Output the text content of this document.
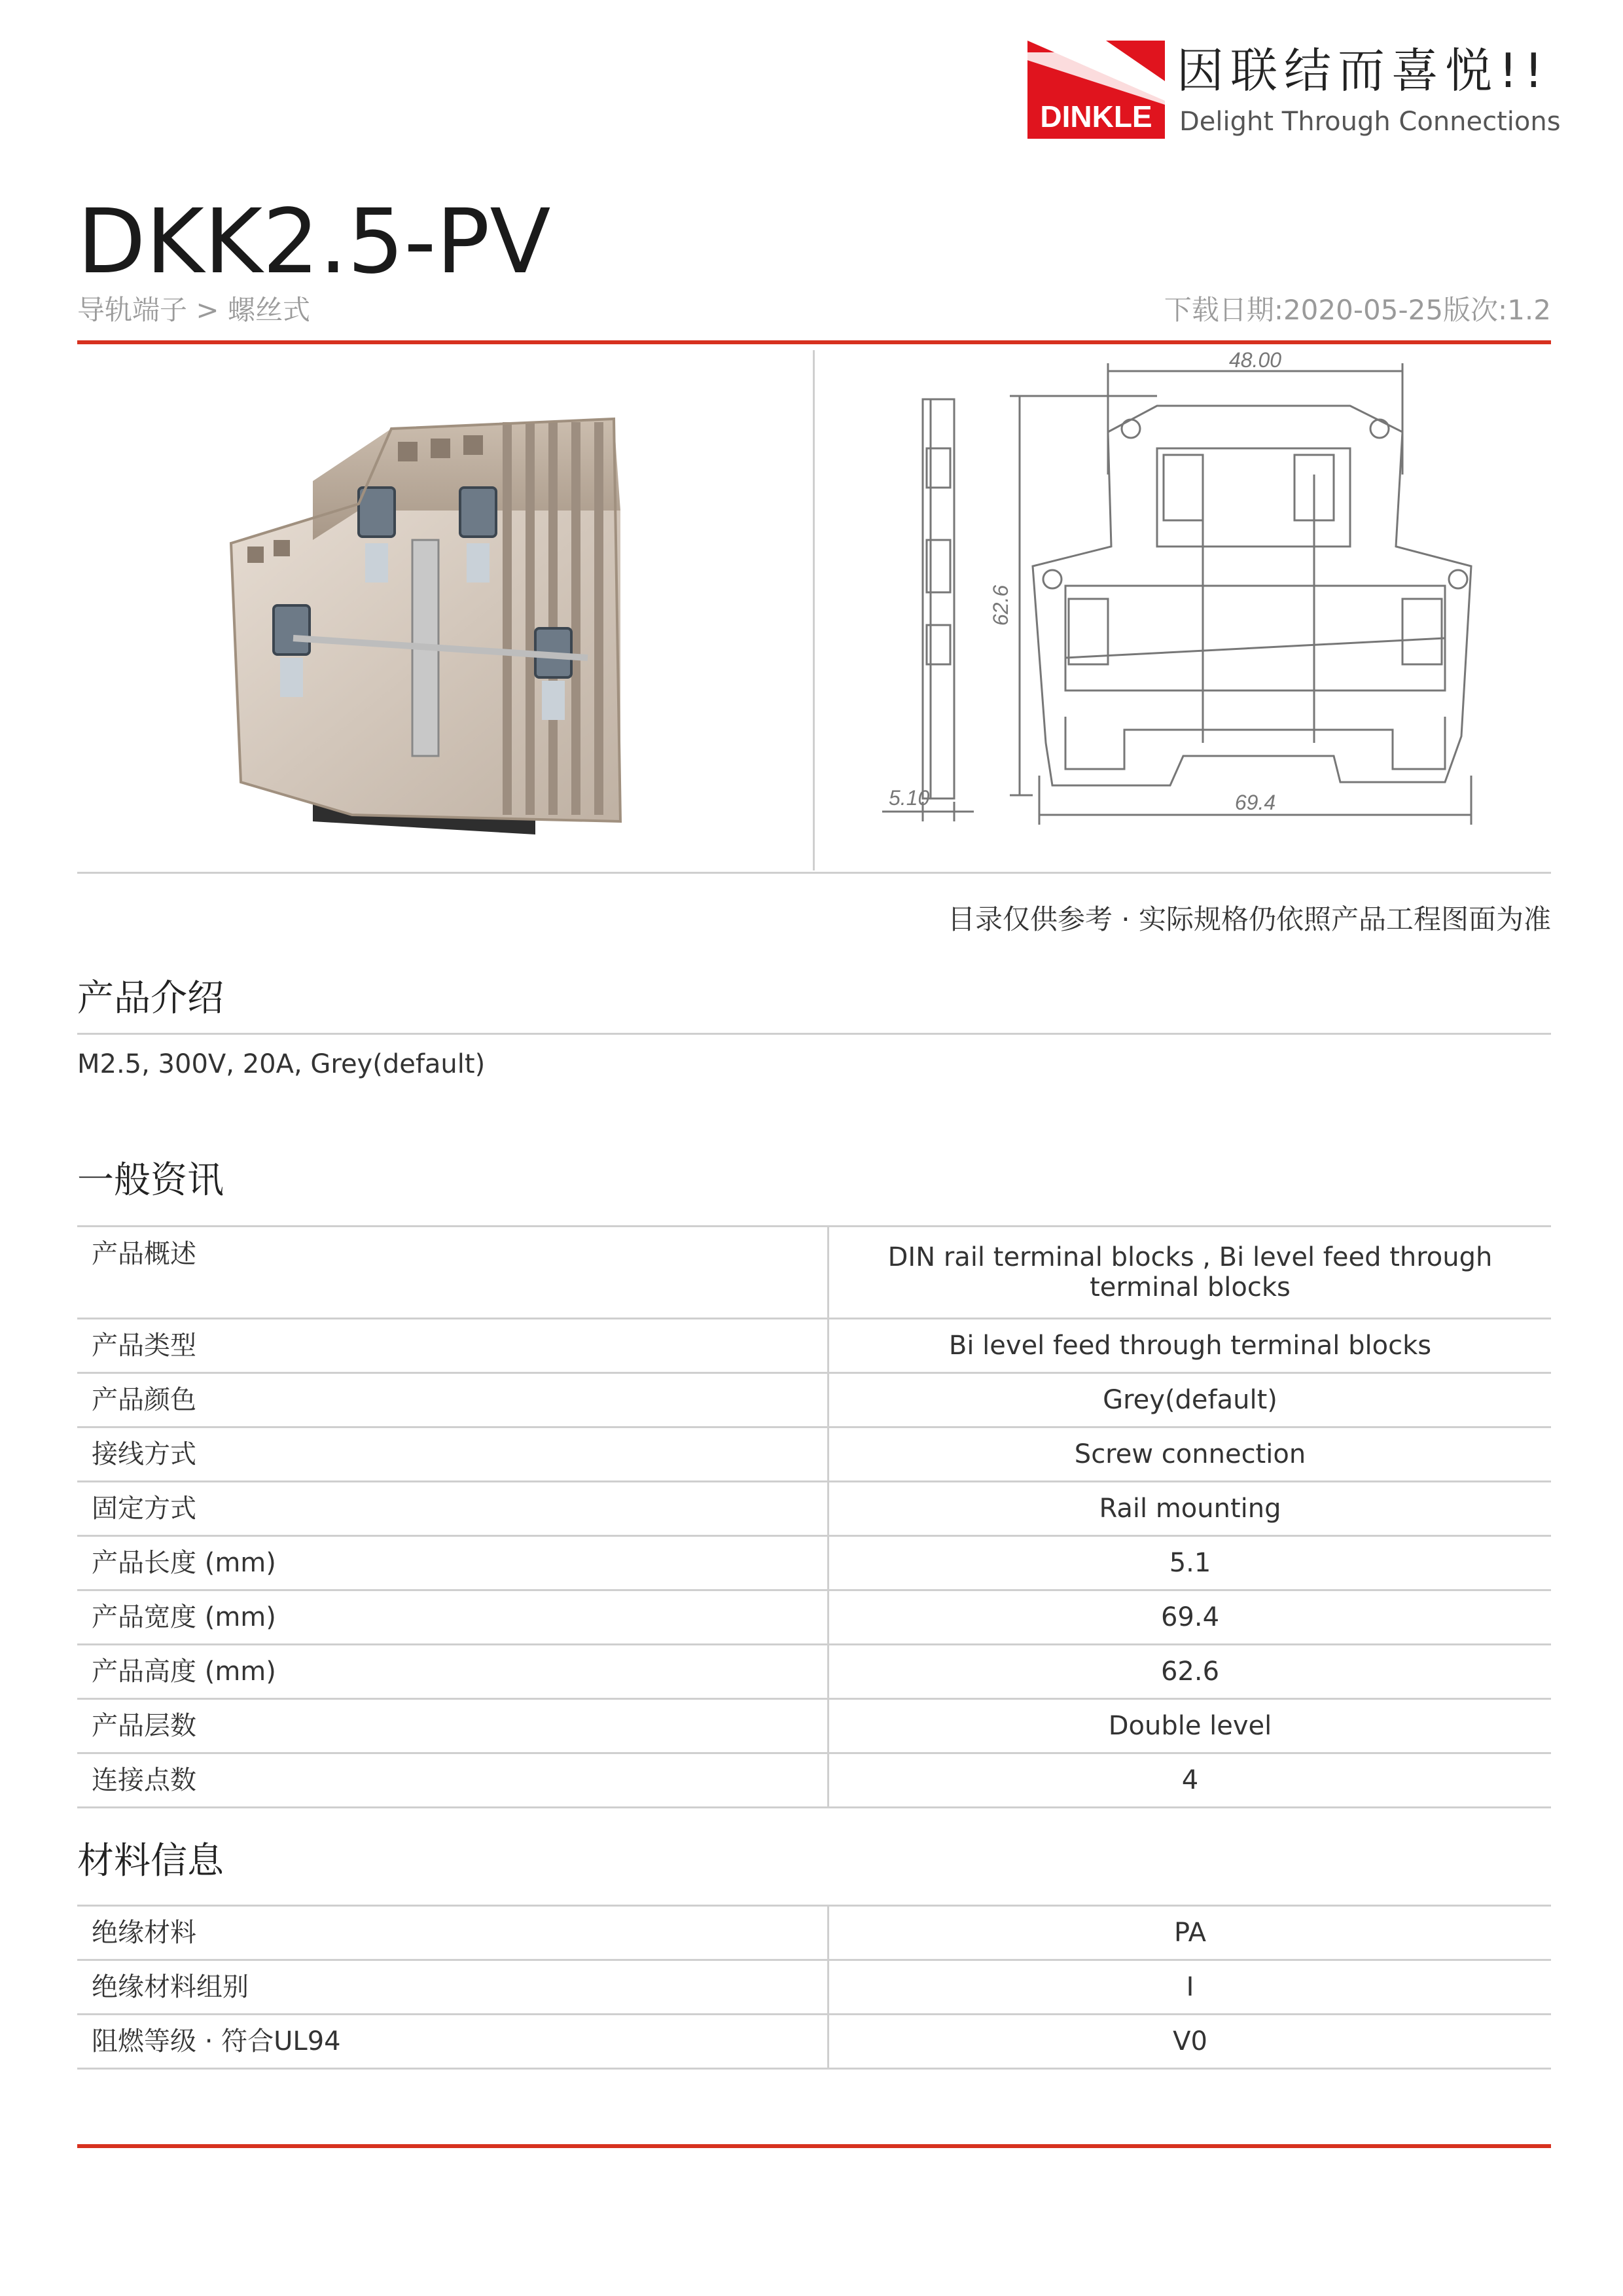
DINKLE
因联结而喜悦!!
Delight Through Connections
DKK2.5-PV
导轨端子 > 螺丝式	下载日期:2020-05-25版次:1.2
48.00
5.10	69.4
62.6
目录仅供参考 · 实际规格仍依照产品工程图面为准
产品介绍
M2.5, 300V, 20A, Grey(default)
一般资讯
产品概述	DIN rail terminal blocks , Bi level feed through terminal blocks
产品类型	Bi level feed through terminal blocks
产品颜色	Grey(default)
接线方式	Screw connection
固定方式	Rail mounting
产品长度 (mm)	5.1
产品宽度 (mm)	69.4
产品高度 (mm)	62.6
产品层数	Double level
连接点数	4
材料信息
绝缘材料	PA
绝缘材料组别	I
阻燃等级 · 符合UL94	V0
